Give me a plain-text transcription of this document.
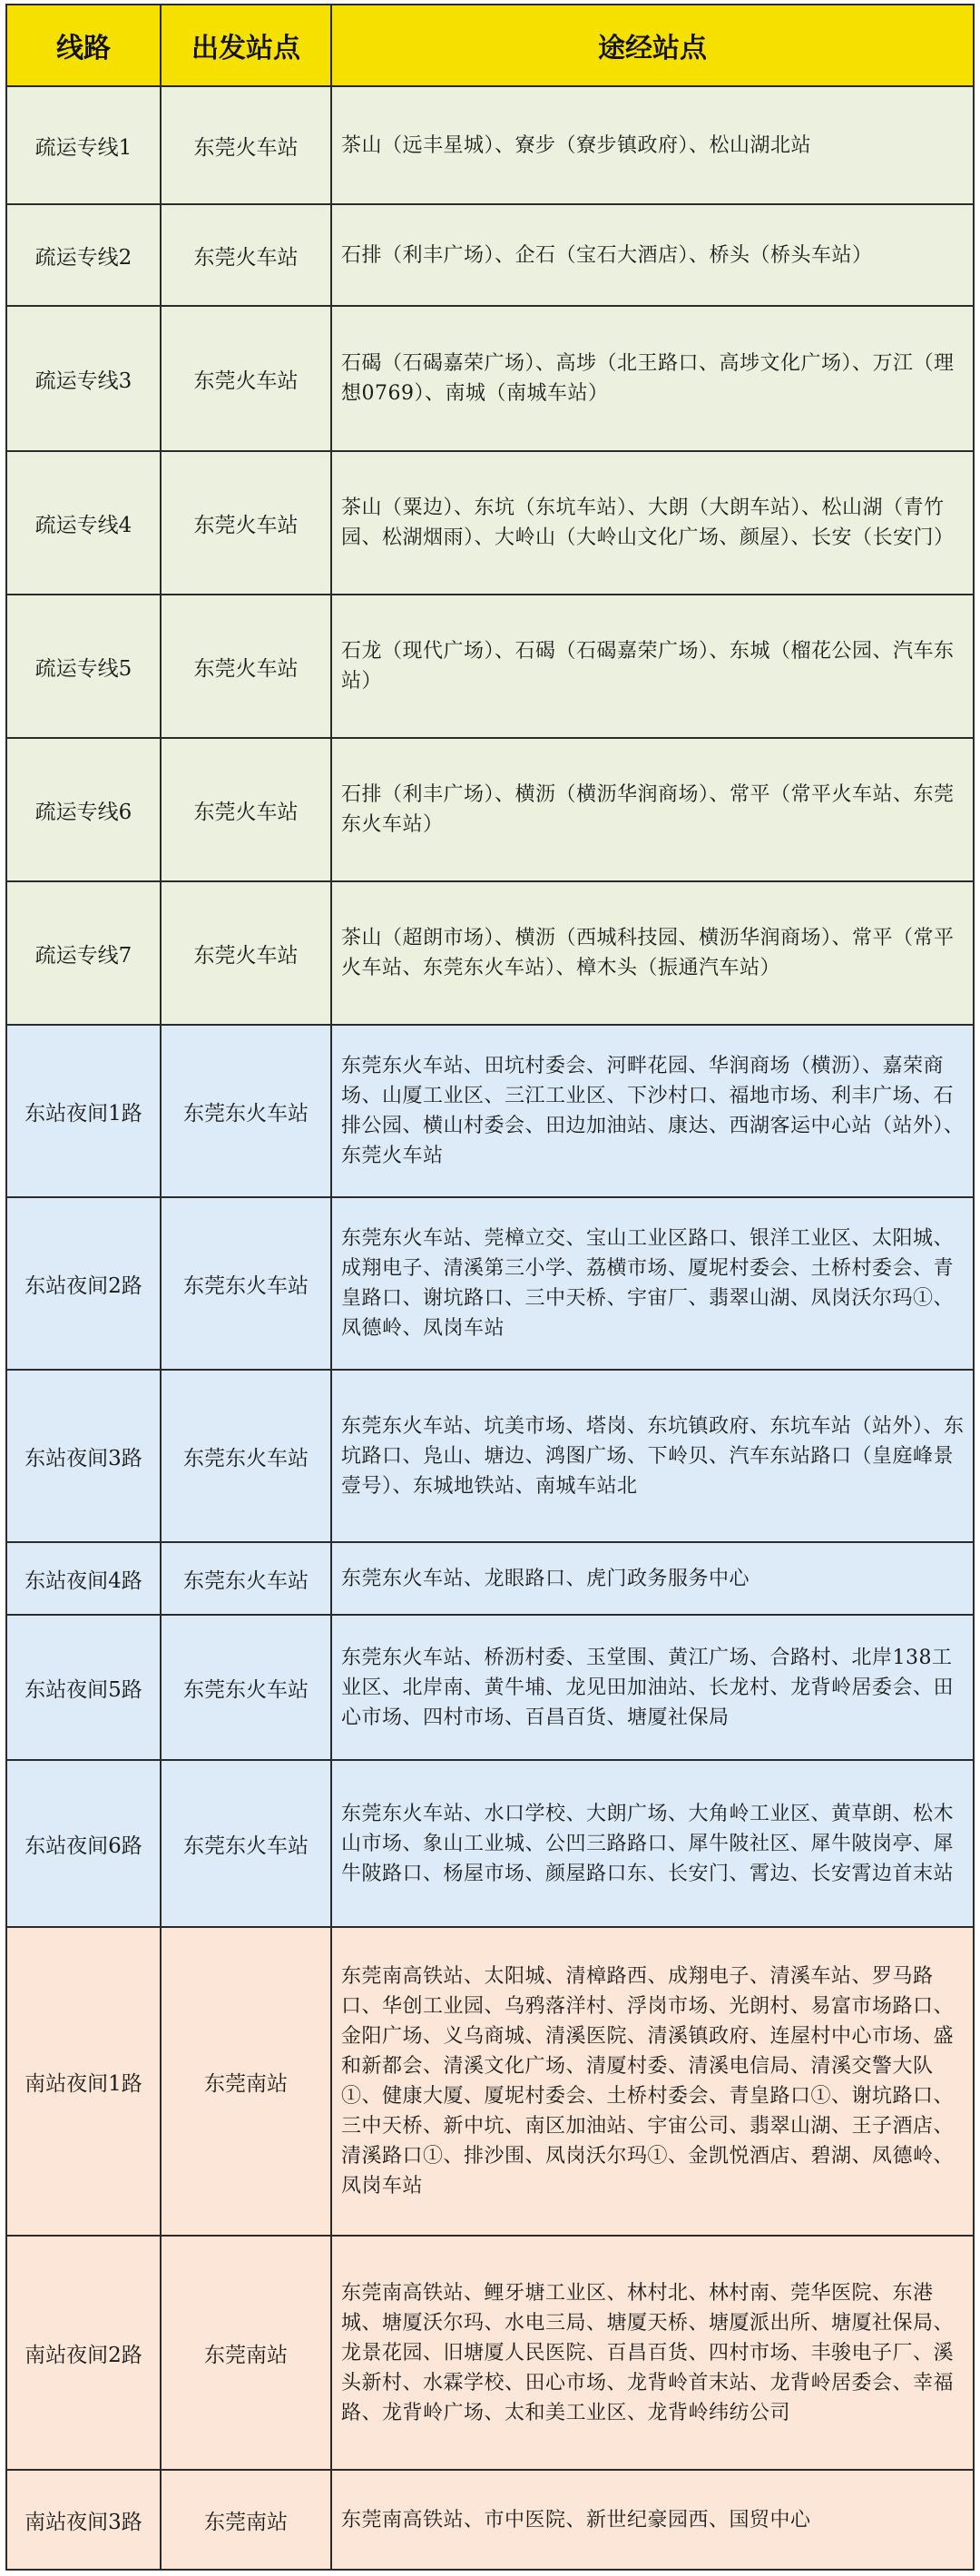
线路	出发站点	途经站点
疏运专线1	东莞火车站	茶山（远丰星城）、寮步（寮步镇政府）、松山湖北站
疏运专线2	东莞火车站	石排（利丰广场）、企石（宝石大酒店）、桥头（桥头车站）
疏运专线3	东莞火车站	石碣（石碣嘉荣广场）、高埗（北王路口、高埗文化广场）、万江（理想0769）、南城（南城车站）
疏运专线4	东莞火车站	茶山（粟边）、东坑（东坑车站）、大朗（大朗车站）、松山湖（青竹园、松湖烟雨）、大岭山（大岭山文化广场、颜屋）、长安（长安门）
疏运专线5	东莞火车站	石龙（现代广场）、石碣（石碣嘉荣广场）、东城（榴花公园、汽车东站）
疏运专线6	东莞火车站	石排（利丰广场）、横沥（横沥华润商场）、常平（常平火车站、东莞东火车站）
疏运专线7	东莞火车站	茶山（超朗市场）、横沥（西城科技园、横沥华润商场）、常平（常平火车站、东莞东火车站）、樟木头（振通汽车站）
东站夜间1路	东莞东火车站	东莞东火车站、田坑村委会、河畔花园、华润商场（横沥）、嘉荣商场、山厦工业区、三江工业区、下沙村口、福地市场、利丰广场、石排公园、横山村委会、田边加油站、康达、西湖客运中心站（站外）、东莞火车站
东站夜间2路	东莞东火车站	东莞东火车站、莞樟立交、宝山工业区路口、银洋工业区、太阳城、成翔电子、清溪第三小学、荔横市场、厦坭村委会、土桥村委会、青皇路口、谢坑路口、三中天桥、宇宙厂、翡翠山湖、凤岗沃尔玛①、凤德岭、凤岗车站
东站夜间3路	东莞东火车站	东莞东火车站、坑美市场、塔岗、东坑镇政府、东坑车站（站外）、东坑路口、凫山、塘边、鸿图广场、下岭贝、汽车东站路口（皇庭峰景壹号）、东城地铁站、南城车站北
东站夜间4路	东莞东火车站	东莞东火车站、龙眼路口、虎门政务服务中心
东站夜间5路	东莞东火车站	东莞东火车站、桥沥村委、玉堂围、黄江广场、合路村、北岸138工业区、北岸南、黄牛埔、龙见田加油站、长龙村、龙背岭居委会、田心市场、四村市场、百昌百货、塘厦社保局
东站夜间6路	东莞东火车站	东莞东火车站、水口学校、大朗广场、大角岭工业区、黄草朗、松木山市场、象山工业城、公凹三路路口、犀牛陂社区、犀牛陂岗亭、犀牛陂路口、杨屋市场、颜屋路口东、长安门、霄边、长安霄边首末站
南站夜间1路	东莞南站	东莞南高铁站、太阳城、清樟路西、成翔电子、清溪车站、罗马路口、华创工业园、乌鸦落洋村、浮岗市场、光朗村、易富市场路口、金阳广场、义乌商城、清溪医院、清溪镇政府、连屋村中心市场、盛和新都会、清溪文化广场、清厦村委、清溪电信局、清溪交警大队①、健康大厦、厦坭村委会、土桥村委会、青皇路口①、谢坑路口、三中天桥、新中坑、南区加油站、宇宙公司、翡翠山湖、王子酒店、清溪路口①、排沙围、凤岗沃尔玛①、金凯悦酒店、碧湖、凤德岭、凤岗车站
南站夜间2路	东莞南站	东莞南高铁站、鲤牙塘工业区、林村北、林村南、莞华医院、东港城、塘厦沃尔玛、水电三局、塘厦天桥、塘厦派出所、塘厦社保局、龙景花园、旧塘厦人民医院、百昌百货、四村市场、丰骏电子厂、溪头新村、水霖学校、田心市场、龙背岭首末站、龙背岭居委会、幸福路、龙背岭广场、太和美工业区、龙背岭纬纺公司
南站夜间3路	东莞南站	东莞南高铁站、市中医院、新世纪豪园西、国贸中心
